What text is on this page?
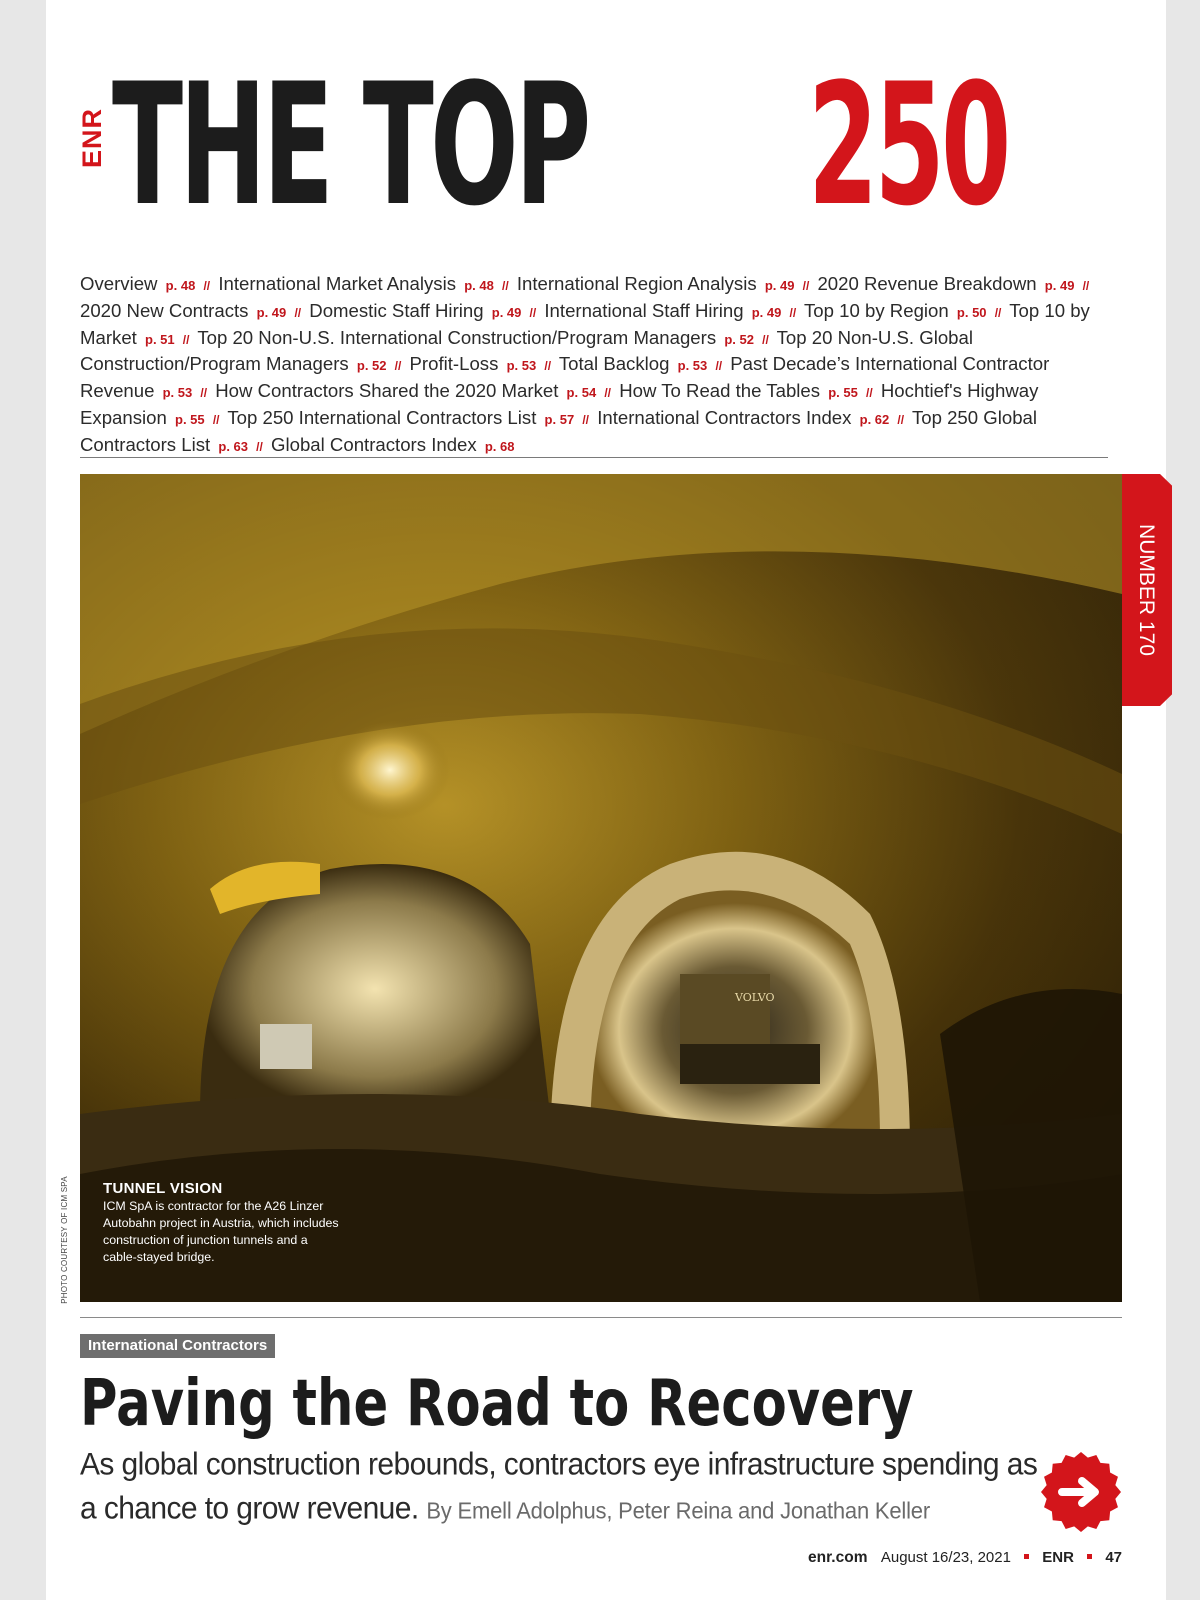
ENR THE TOP	250
Overview p. 48 // International Market Analysis p. 48 // International Region Analysis p. 49 // 2020 Revenue Breakdown p. 49 // 2020 New Contracts p. 49 // Domestic Staff Hiring p. 49 // International Staff Hiring p. 49 // Top 10 by Region p. 50 // Top 10 by Market p. 51 // Top 20 Non-U.S. International Construction/Program Managers p. 52 // Top 20 Non-U.S. Global Construction/Program Managers p. 52 // Profit-Loss p. 53 // Total Backlog p. 53 // Past Decade’s International Contractor Revenue p. 53 // How Contractors Shared the 2020 Market p. 54 // How To Read the Tables p. 55 // Hochtief's Highway Expansion p. 55 // Top 250 International Contractors List p. 57 // International Contractors Index p. 62 // Top 250 Global Contractors List p. 63 // Global Contractors Index p. 68
VOLVO
TUNNEL VISION
ICM SpA is contractor for the A26 Linzer Autobahn project in Austria, which includes construction of junction tunnels and a cable-stayed bridge.
PHOTO COURTESY OF ICM SPA
NUMBER 170
International Contractors
Paving the Road to Recovery
As global construction rebounds, contractors eye infrastructure spending as a chance to grow revenue. By Emell Adolphus, Peter Reina and Jonathan Keller
enr.com August 16/23, 2021 ENR 47
